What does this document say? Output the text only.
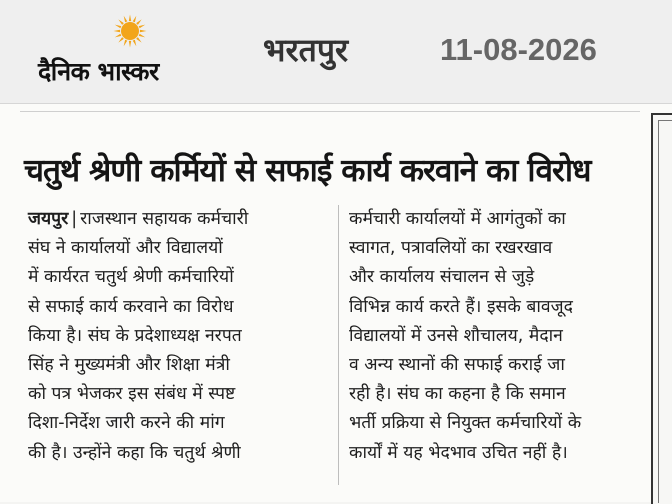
दैनिक भास्कर
भरतपुर	11-08-2026
चतुर्थ श्रेणी कर्मियों से सफाई कार्य करवाने का विरोध
जयपुर | राजस्थान सहायक कर्मचारी
संघ ने कार्यालयों और विद्यालयों
में कार्यरत चतुर्थ श्रेणी कर्मचारियों
से सफाई कार्य करवाने का विरोध
किया है। संघ के प्रदेशाध्यक्ष नरपत
सिंह ने मुख्यमंत्री और शिक्षा मंत्री
को पत्र भेजकर इस संबंध में स्पष्ट
दिशा-निर्देश जारी करने की मांग
की है। उन्होंने कहा कि चतुर्थ श्रेणी
कर्मचारी कार्यालयों में आगंतुकों का
स्वागत, पत्रावलियों का रखरखाव
और कार्यालय संचालन से जुड़े
विभिन्न कार्य करते हैं। इसके बावजूद
विद्यालयों में उनसे शौचालय, मैदान
व अन्य स्थानों की सफाई कराई जा
रही है। संघ का कहना है कि समान
भर्ती प्रक्रिया से नियुक्त कर्मचारियों के
कार्यों में यह भेदभाव उचित नहीं है।
